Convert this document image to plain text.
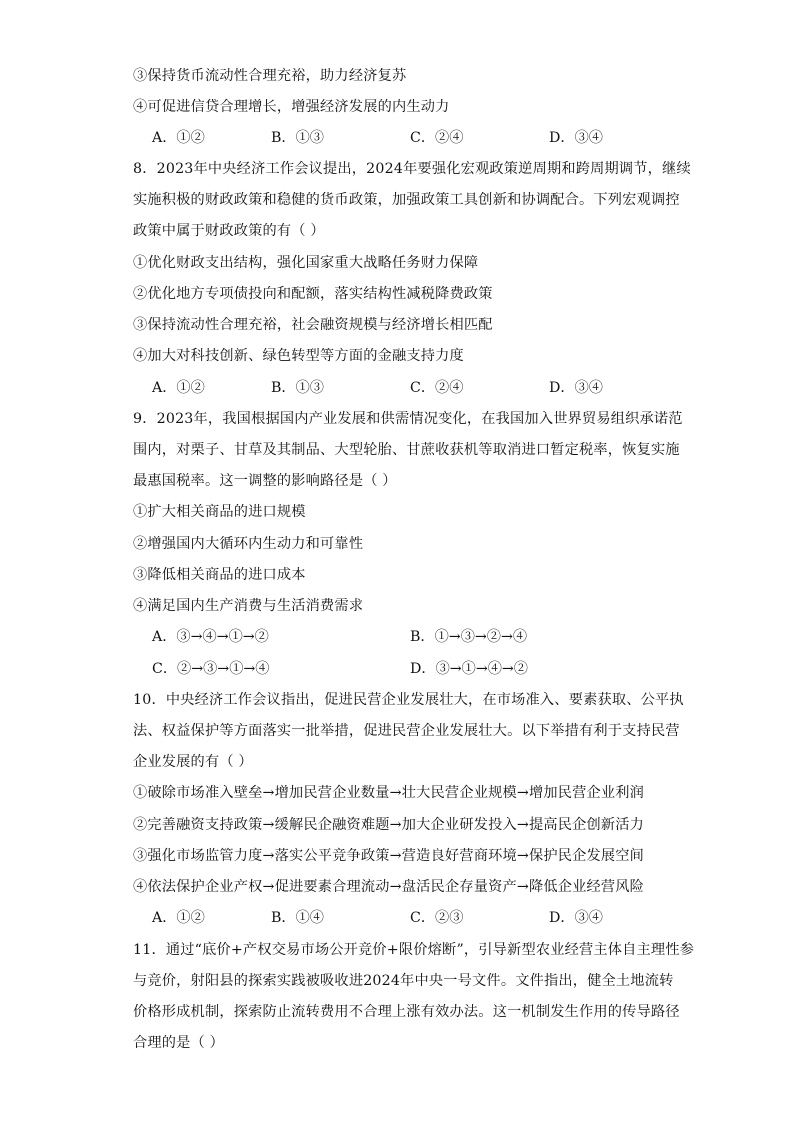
③保持货币流动性合理充裕，助力经济复苏
④可促进信贷合理增长，增强经济发展的内生动力
A．①②	B．①③	C．②④	D．③④
8．2023年中央经济工作会议提出，2024年要强化宏观政策逆周期和跨周期调节，继续
实施积极的财政政策和稳健的货币政策，加强政策工具创新和协调配合。下列宏观调控
政策中属于财政政策的有（ ）
①优化财政支出结构，强化国家重大战略任务财力保障
②优化地方专项债投向和配额，落实结构性减税降费政策
③保持流动性合理充裕，社会融资规模与经济增长相匹配
④加大对科技创新、绿色转型等方面的金融支持力度
A．①②	B．①③	C．②④	D．③④
9．2023年，我国根据国内产业发展和供需情况变化，在我国加入世界贸易组织承诺范
围内，对栗子、甘草及其制品、大型轮胎、甘蔗收获机等取消进口暂定税率，恢复实施
最惠国税率。这一调整的影响路径是（ ）
①扩大相关商品的进口规模
②增强国内大循环内生动力和可靠性
③降低相关商品的进口成本
④满足国内生产消费与生活消费需求
A．③→④→①→②	B．①→③→②→④
C．②→③→①→④	D．③→①→④→②
10．中央经济工作会议指出，促进民营企业发展壮大，在市场准入、要素获取、公平执
法、权益保护等方面落实一批举措，促进民营企业发展壮大。以下举措有利于支持民营
企业发展的有（ ）
①破除市场准入壁垒→增加民营企业数量→壮大民营企业规模→增加民营企业利润
②完善融资支持政策→缓解民企融资难题→加大企业研发投入→提高民企创新活力
③强化市场监管力度→落实公平竞争政策→营造良好营商环境→保护民企发展空间
④依法保护企业产权→促进要素合理流动→盘活民企存量资产→降低企业经营风险
A．①②	B．①④	C．②③	D．③④
11．通过“底价+产权交易市场公开竞价+限价熔断”，引导新型农业经营主体自主理性参
与竞价，射阳县的探索实践被吸收进2024年中央一号文件。文件指出，健全土地流转
价格形成机制，探索防止流转费用不合理上涨有效办法。这一机制发生作用的传导路径
合理的是（ ）
